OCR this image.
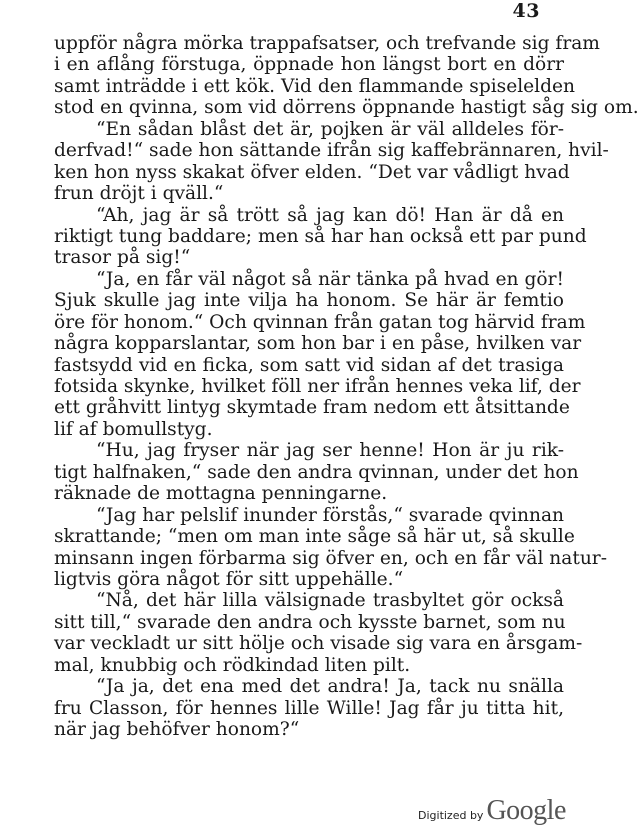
43
uppför några mörka trappafsatser, och trefvande sig fram
i en aflång förstuga, öppnade hon längst bort en dörr
samt inträdde i ett kök. Vid den flammande spiselelden
stod en qvinna, som vid dörrens öppnande hastigt såg sig om.
“En sådan blåst det är, pojken är väl alldeles för-
derfvad!“ sade hon sättande ifrån sig kaffebrännaren, hvil-
ken hon nyss skakat öfver elden. “Det var vådligt hvad
frun dröjt i qväll.“
“Ah, jag är så trött så jag kan dö! Han är då en
riktigt tung baddare; men så har han också ett par pund
trasor på sig!“
“Ja, en får väl något så när tänka på hvad en gör!
Sjuk skulle jag inte vilja ha honom. Se här är femtio
öre för honom.“ Och qvinnan från gatan tog härvid fram
några kopparslantar, som hon bar i en påse, hvilken var
fastsydd vid en ficka, som satt vid sidan af det trasiga
fotsida skynke, hvilket föll ner ifrån hennes veka lif, der
ett gråhvitt lintyg skymtade fram nedom ett åtsittande
lif af bomullstyg.
“Hu, jag fryser när jag ser henne! Hon är ju rik-
tigt halfnaken,“ sade den andra qvinnan, under det hon
räknade de mottagna penningarne.
“Jag har pelslif inunder förstås,“ svarade qvinnan
skrattande; “men om man inte såge så här ut, så skulle
minsann ingen förbarma sig öfver en, och en får väl natur-
ligtvis göra något för sitt uppehälle.“
“Nå, det här lilla välsignade trasbyltet gör också
sitt till,“ svarade den andra och kysste barnet, som nu
var veckladt ur sitt hölje och visade sig vara en årsgam-
mal, knubbig och rödkindad liten pilt.
“Ja ja, det ena med det andra! Ja, tack nu snälla
fru Classon, för hennes lille Wille! Jag får ju titta hit,
när jag behöfver honom?“
Digitized by Google
